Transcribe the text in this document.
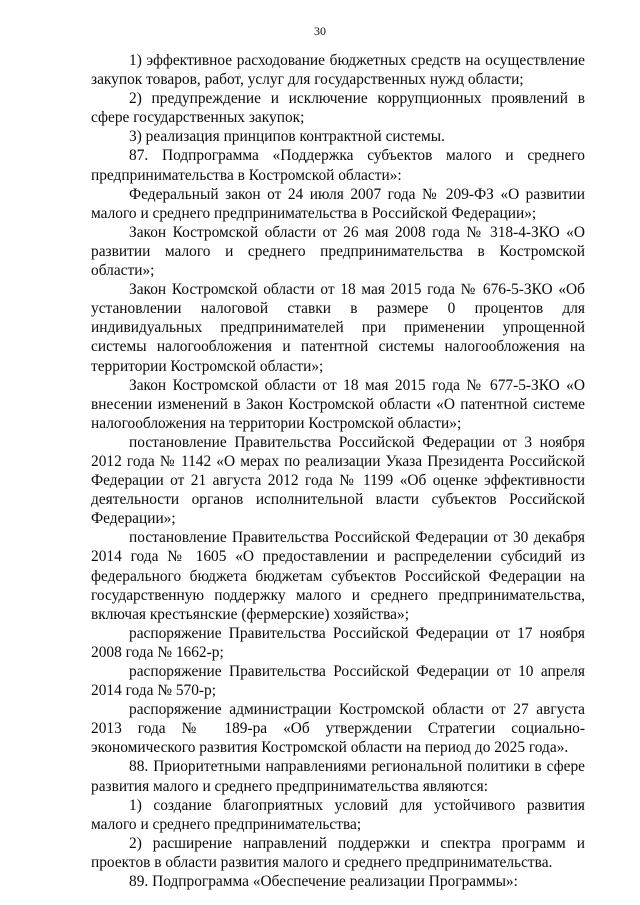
30

1) эффективное расходование бюджетных средств на осуществление закупок товаров, работ, услуг для государственных нужд области;

2) предупреждение и исключение коррупционных проявлений в сфере государственных закупок;

3) реализация принципов контрактной системы.

87. Подпрограмма «Поддержка субъектов малого и среднего предпринимательства в Костромской области»:

Федеральный закон от 24 июля 2007 года № 209-ФЗ «О развитии малого и среднего предпринимательства в Российской Федерации»;

Закон Костромской области от 26 мая 2008 года № 318-4-ЗКО «О развитии малого и среднего предпринимательства в Костромской области»;

Закон Костромской области от 18 мая 2015 года № 676-5-ЗКО «Об установлении налоговой ставки в размере 0 процентов для индивидуальных предпринимателей при применении упрощенной системы налогообложения и патентной системы налогообложения на территории Костромской области»;

Закон Костромской области от 18 мая 2015 года № 677-5-ЗКО «О внесении изменений в Закон Костромской области «О патентной системе налогообложения на территории Костромской области»;

постановление Правительства Российской Федерации от 3 ноября 2012 года № 1142 «О мерах по реализации Указа Президента Российской Федерации от 21 августа 2012 года № 1199 «Об оценке эффективности деятельности органов исполнительной власти субъектов Российской Федерации»;

постановление Правительства Российской Федерации от 30 декабря 2014 года № 1605 «О предоставлении и распределении субсидий из федерального бюджета бюджетам субъектов Российской Федерации на государственную поддержку малого и среднего предпринимательства, включая крестьянские (фермерские) хозяйства»;

распоряжение Правительства Российской Федерации от 17 ноября 2008 года № 1662-р;

распоряжение Правительства Российской Федерации от 10 апреля 2014 года № 570-р;

распоряжение администрации Костромской области от 27 августа 2013 года № 189-ра «Об утверждении Стратегии социально-экономического развития Костромской области на период до 2025 года».

88. Приоритетными направлениями региональной политики в сфере развития малого и среднего предпринимательства являются:

1) создание благоприятных условий для устойчивого развития малого и среднего предпринимательства;

2) расширение направлений поддержки и спектра программ и проектов в области развития малого и среднего предпринимательства.

89. Подпрограмма «Обеспечение реализации Программы»:
